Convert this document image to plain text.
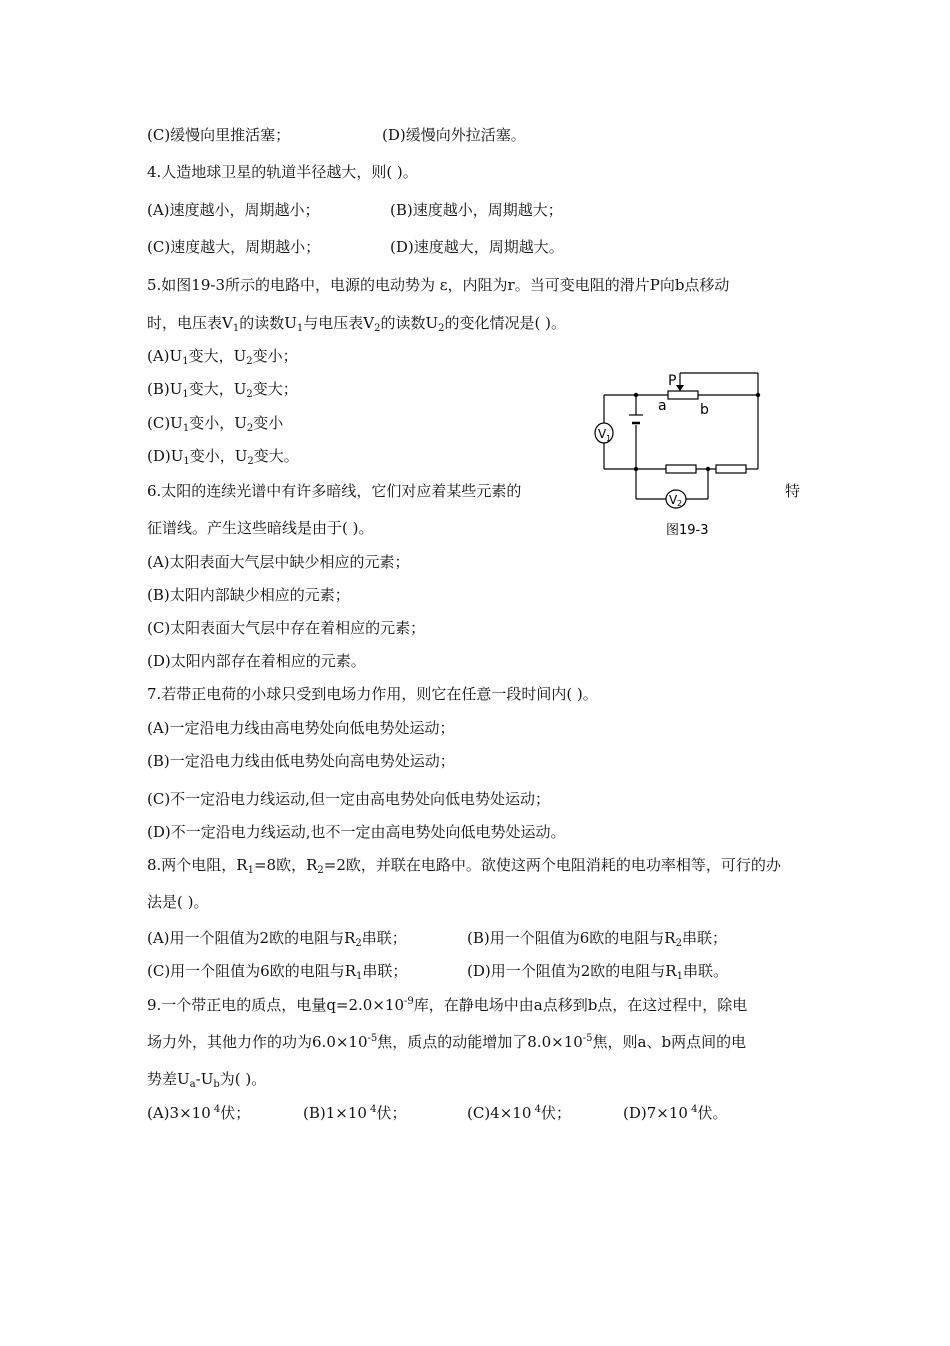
(C)缓慢向里推活塞；	(D)缓慢向外拉活塞。
4.人造地球卫星的轨道半径越大，则( )。
(A)速度越小，周期越小；	(B)速度越小，周期越大；
(C)速度越大，周期越小；	(D)速度越大，周期越大。
5.如图19-3所示的电路中，电源的电动势为 ε，内阻为r。当可变电阻的滑片P向b点移动
时，电压表$V_1$的读数$U_1$与电压表$V_2$的读数$U_2$的变化情况是( )。
$(A)U_1$变大，$U_2$变小；
$(B)U_1$变大，$U_2$变大；
$(C)U_1$变小，$U_2$变小
$(D)U_1$变小，$U_2$变大。
V 1
V 2
P
a b
图19-3
6.太阳的连续光谱中有许多暗线，它们对应着某些元素的	特
征谱线。产生这些暗线是由于( )。
(A)太阳表面大气层中缺少相应的元素；
(B)太阳内部缺少相应的元素；
(C)太阳表面大气层中存在着相应的元素；
(D)太阳内部存在着相应的元素。
7.若带正电荷的小球只受到电场力作用，则它在任意一段时间内( )。
(A)一定沿电力线由高电势处向低电势处运动；
(B)一定沿电力线由低电势处向高电势处运动；
(C)不一定沿电力线运动,但一定由高电势处向低电势处运动；
(D)不一定沿电力线运动,也不一定由高电势处向低电势处运动。
8.两个电阻，$R_1=8$欧，$R_2=2$欧，并联在电路中。欲使这两个电阻消耗的电功率相等，可行的办
法是( )。
(A)用一个阻值为2欧的电阻与$R_2$串联；	(B)用一个阻值为6欧的电阻与$R_2$串联；
(C)用一个阻值为6欧的电阻与$R_1$串联；	(D)用一个阻值为2欧的电阻与$R_1$串联。
9.一个带正电的质点，电量$q=2.0\times 10^{-9}$库，在静电场中由a点移到b点，在这过程中，除电
场力外，其他力作的功为$6.0\times 10^{-5}$焦，质点的动能增加了$8.0\times 10^{-5}$焦，则a、b两点间的电
势差$U_a-U_b$为( )。
(A)3×10 $^4$伏；	(B)1×10 $^4$伏；	(C)4×10 $^4$伏；	(D)7×10 $^4$伏。
